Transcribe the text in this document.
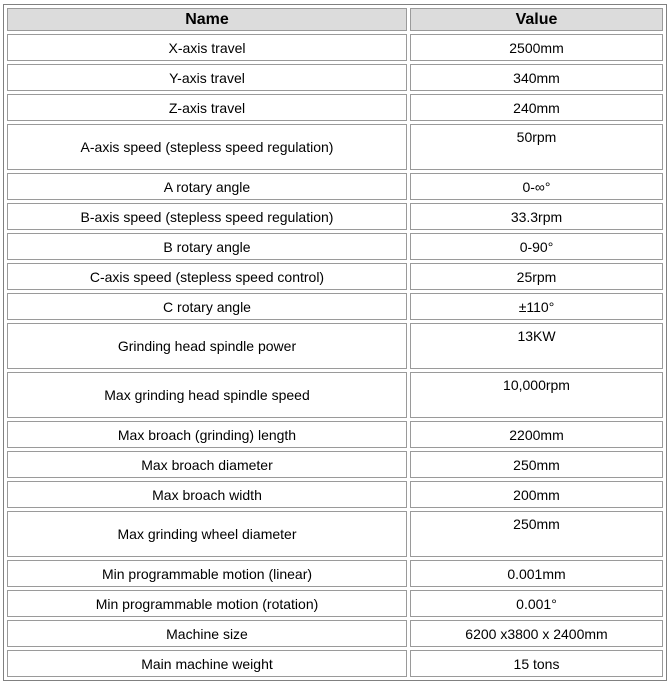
Name	Value
X-axis travel	2500mm
Y-axis travel	340mm
Z-axis travel	240mm
A-axis speed (stepless speed regulation)	50rpm
A rotary angle	0-∞°
B-axis speed (stepless speed regulation)	33.3rpm
B rotary angle	0-90°
C-axis speed (stepless speed control)	25rpm
C rotary angle	±110°
Grinding head spindle power	13KW
Max grinding head spindle speed	10,000rpm
Max broach (grinding) length	2200mm
Max broach diameter	250mm
Max broach width	200mm
Max grinding wheel diameter	250mm
Min programmable motion (linear)	0.001mm
Min programmable motion (rotation)	0.001°
Machine size	6200 x3800 x 2400mm
Main machine weight	15 tons
